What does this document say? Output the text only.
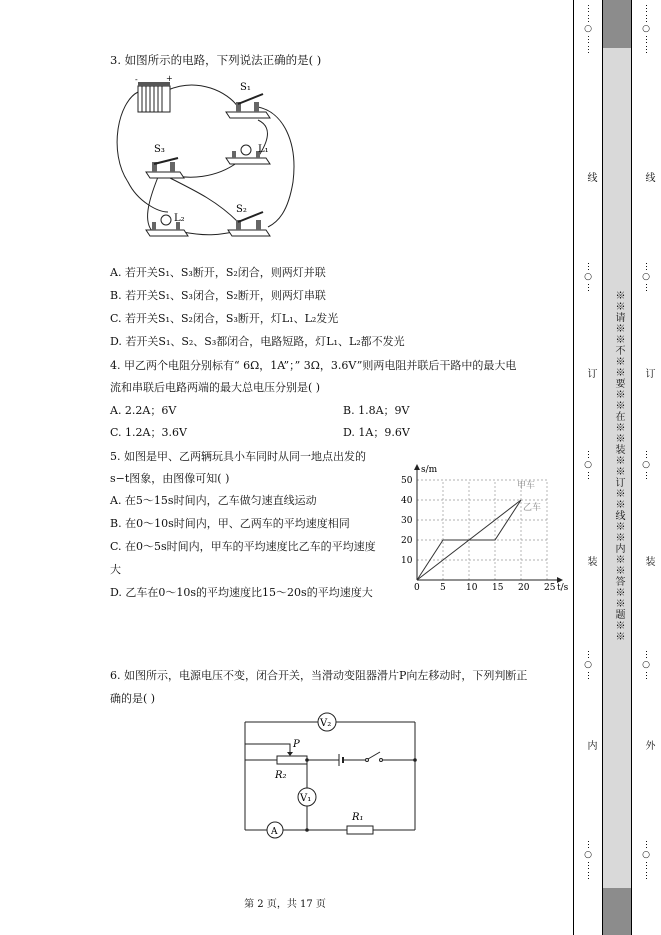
3. 如图所示的电路，下列说法正确的是( )
-	+
S₁
L₁
S₃
L₂
S₂
A. 若开关S₁、S₃断开，S₂闭合，则两灯并联
B. 若开关S₁、S₃闭合，S₂断开，则两灯串联
C. 若开关S₁、S₂闭合，S₃断开，灯L₁、L₂发光
D. 若开关S₁、S₂、S₃都闭合，电路短路，灯L₁、L₂都不发光
4. 甲乙两个电阻分别标有“ 6Ω，1A”；” 3Ω，3.6V”则两电阻并联后干路中的最大电
流和串联后电路两端的最大总电压分别是( )
A. 2.2A；6V	B. 1.8A；9V
C. 1.2A；3.6V	D. 1A；9.6V
5. 如图是甲、乙两辆玩具小车同时从同一地点出发的
s−t图象，由图像可知( )
A. 在5～15s时间内，乙车做匀速直线运动
B. 在0～10s时间内，甲、乙两车的平均速度相同
C. 在0～5s时间内，甲车的平均速度比乙车的平均速度
大
D. 乙车在0～10s的平均速度比15～20s的平均速度大	0 5 10 15 20 25
10
20
30
40
50
s/m
t/s
甲车
乙车
6. 如图所示，电源电压不变，闭合开关，当滑动变阻器滑片P向左移动时，下列判断正
确的是( )
V₂
P
R₂
V₁
A
R₁
第 2 页，共 17 页
※※请※※不※※要※※在※※装※※订※※线※※内※※答※※题※※
⋯⋯○⋯⋯
线
⋯○⋯
订
⋯○⋯
装
⋯○⋯
内
⋯○⋯⋯
⋯⋯○⋯⋯
线
⋯○⋯
订
⋯○⋯
装
⋯○⋯
外
⋯○⋯⋯
